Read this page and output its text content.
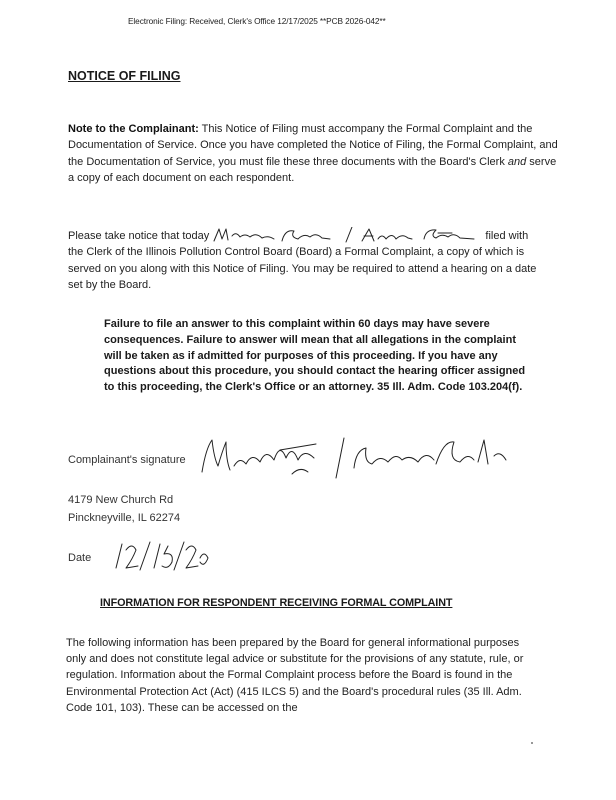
Electronic Filing: Received, Clerk's Office 12/17/2025 **PCB 2026-042**
NOTICE OF FILING
Note to the Complainant: This Notice of Filing must accompany the Formal Complaint and the Documentation of Service. Once you have completed the Notice of Filing, the Formal Complaint, and the Documentation of Service, you must file these three documents with the Board's Clerk and serve a copy of each document on each respondent.
Please take notice that today	filed with the Clerk of the Illinois Pollution Control Board (Board) a Formal Complaint, a copy of which is served on you along with this Notice of Filing. You may be required to attend a hearing on a date set by the Board.
Failure to file an answer to this complaint within 60 days may have severe consequences. Failure to answer will mean that all allegations in the complaint will be taken as if admitted for purposes of this proceeding. If you have any questions about this procedure, you should contact the hearing officer assigned to this proceeding, the Clerk's Office or an attorney. 35 Ill. Adm. Code 103.204(f).
Complainant's signature
4179 New Church Rd
Pinckneyville, IL 62274
Date
INFORMATION FOR RESPONDENT RECEIVING FORMAL COMPLAINT
The following information has been prepared by the Board for general informational purposes only and does not constitute legal advice or substitute for the provisions of any statute, rule, or regulation. Information about the Formal Complaint process before the Board is found in the Environmental Protection Act (Act) (415 ILCS 5) and the Board's procedural rules (35 Ill. Adm. Code 101, 103). These can be accessed on the
